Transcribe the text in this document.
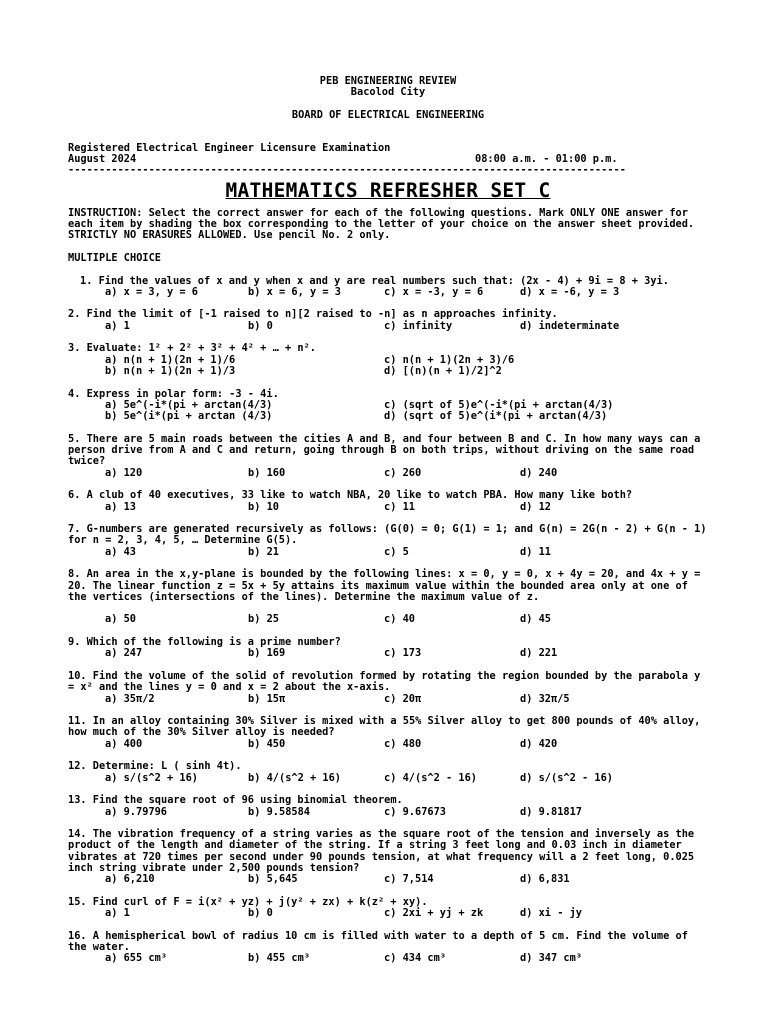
PEB ENGINEERING REVIEW
Bacolod City
BOARD OF ELECTRICAL ENGINEERING
Registered Electrical Engineer Licensure Examination
August 2024	08:00 a.m. - 01:00 p.m.
------------------------------------------------------------------------------------------
MATHEMATICS REFRESHER SET C
INSTRUCTION: Select the correct answer for each of the following questions. Mark ONLY ONE answer for each item by shading the box corresponding to the letter of your choice on the answer sheet provided.
STRICTLY NO ERASURES ALLOWED. Use pencil No. 2 only.
MULTIPLE CHOICE
1. Find the values of x and y when x and y are real numbers such that: (2x - 4) + 9i = 8 + 3yi.
a) x = 3, y = 6	b) x = 6, y = 3	c) x = -3, y = 6	d) x = -6, y = 3
2. Find the limit of [-1 raised to n][2 raised to -n] as n approaches infinity.
a) 1	b) 0	c) infinity	d) indeterminate
3. Evaluate: 1² + 2² + 3² + 4² + … + n².
a) n(n + 1)(2n + 1)/6	c) n(n + 1)(2n + 3)/6
b) n(n + 1)(2n + 1)/3	d) [(n)(n + 1)/2]^2
4. Express in polar form: -3 - 4i.
a) 5e^(-i*(pi + arctan(4/3)	c) (sqrt of 5)e^(-i*(pi + arctan(4/3)
b) 5e^(i*(pi + arctan (4/3)	d) (sqrt of 5)e^(i*(pi + arctan(4/3)
5. There are 5 main roads between the cities A and B, and four between B and C. In how many ways can a person drive from A and C and return, going through B on both trips, without driving on the same road twice?
a) 120	b) 160	c) 260	d) 240
6. A club of 40 executives, 33 like to watch NBA, 20 like to watch PBA. How many like both?
a) 13	b) 10	c) 11	d) 12
7. G-numbers are generated recursively as follows: (G(0) = 0; G(1) = 1; and G(n) = 2G(n - 2) + G(n - 1) for n = 2, 3, 4, 5, … Determine G(5).
a) 43	b) 21	c) 5	d) 11
8. An area in the x,y-plane is bounded by the following lines: x = 0, y = 0, x + 4y = 20, and 4x + y = 20. The linear function z = 5x + 5y attains its maximum value within the bounded area only at one of the vertices (intersections of the lines). Determine the maximum value of z.
a) 50	b) 25	c) 40	d) 45
9. Which of the following is a prime number?
a) 247	b) 169	c) 173	d) 221
10. Find the volume of the solid of revolution formed by rotating the region bounded by the parabola y = x² and the lines y = 0 and x = 2 about the x-axis.
a) 35π/2	b) 15π	c) 20π	d) 32π/5
11. In an alloy containing 30% Silver is mixed with a 55% Silver alloy to get 800 pounds of 40% alloy, how much of the 30% Silver alloy is needed?
a) 400	b) 450	c) 480	d) 420
12. Determine: L ( sinh 4t).
a) s/(s^2 + 16)	b) 4/(s^2 + 16)	c) 4/(s^2 - 16)	d) s/(s^2 - 16)
13. Find the square root of 96 using binomial theorem.
a) 9.79796	b) 9.58584	c) 9.67673	d) 9.81817
14. The vibration frequency of a string varies as the square root of the tension and inversely as the product of the length and diameter of the string. If a string 3 feet long and 0.03 inch in diameter vibrates at 720 times per second under 90 pounds tension, at what frequency will a 2 feet long, 0.025 inch string vibrate under 2,500 pounds tension?
a) 6,210	b) 5,645	c) 7,514	d) 6,831
15. Find curl of F = i(x² + yz) + j(y² + zx) + k(z² + xy).
a) 1	b) 0	c) 2xi + yj + zk	d) xi - jy
16. A hemispherical bowl of radius 10 cm is filled with water to a depth of 5 cm. Find the volume of the water.
a) 655 cm³	b) 455 cm³	c) 434 cm³	d) 347 cm³
